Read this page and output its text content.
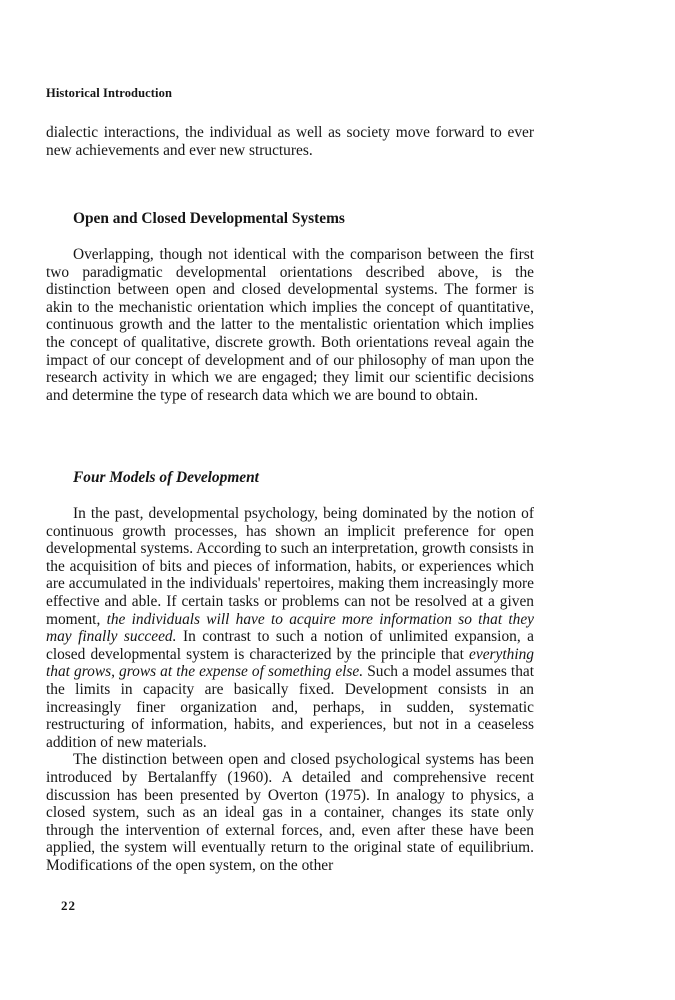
Historical Introduction

dialectic interactions, the individual as well as society move forward to ever new achievements and ever new structures.

Open and Closed Developmental Systems

Overlapping, though not identical with the comparison between the first two paradigmatic developmental orientations described above, is the distinction between open and closed developmental systems. The former is akin to the mechanistic orientation which implies the concept of quantitative, continuous growth and the latter to the mentalistic orientation which implies the concept of qualitative, discrete growth. Both orientations reveal again the impact of our concept of development and of our philosophy of man upon the research activity in which we are engaged; they limit our scientific decisions and determine the type of research data which we are bound to obtain.

Four Models of Development

In the past, developmental psychology, being dominated by the notion of continuous growth processes, has shown an implicit preference for open developmental systems. According to such an interpretation, growth consists in the acquisition of bits and pieces of information, habits, or experiences which are accumulated in the individuals' repertoires, making them increasingly more effective and able. If certain tasks or problems can not be resolved at a given moment, the individuals will have to acquire more information so that they may finally succeed. In contrast to such a notion of unlimited expansion, a closed developmental system is characterized by the principle that everything that grows, grows at the expense of something else. Such a model assumes that the limits in capacity are basically fixed. Development consists in an increasingly finer organization and, perhaps, in sudden, systematic restructuring of information, habits, and experiences, but not in a ceaseless addition of new materials.

The distinction between open and closed psychological systems has been introduced by Bertalanffy (1960). A detailed and comprehensive recent discussion has been presented by Overton (1975). In analogy to physics, a closed system, such as an ideal gas in a container, changes its state only through the intervention of external forces, and, even after these have been applied, the system will eventually return to the original state of equilibrium. Modifications of the open system, on the other

22
